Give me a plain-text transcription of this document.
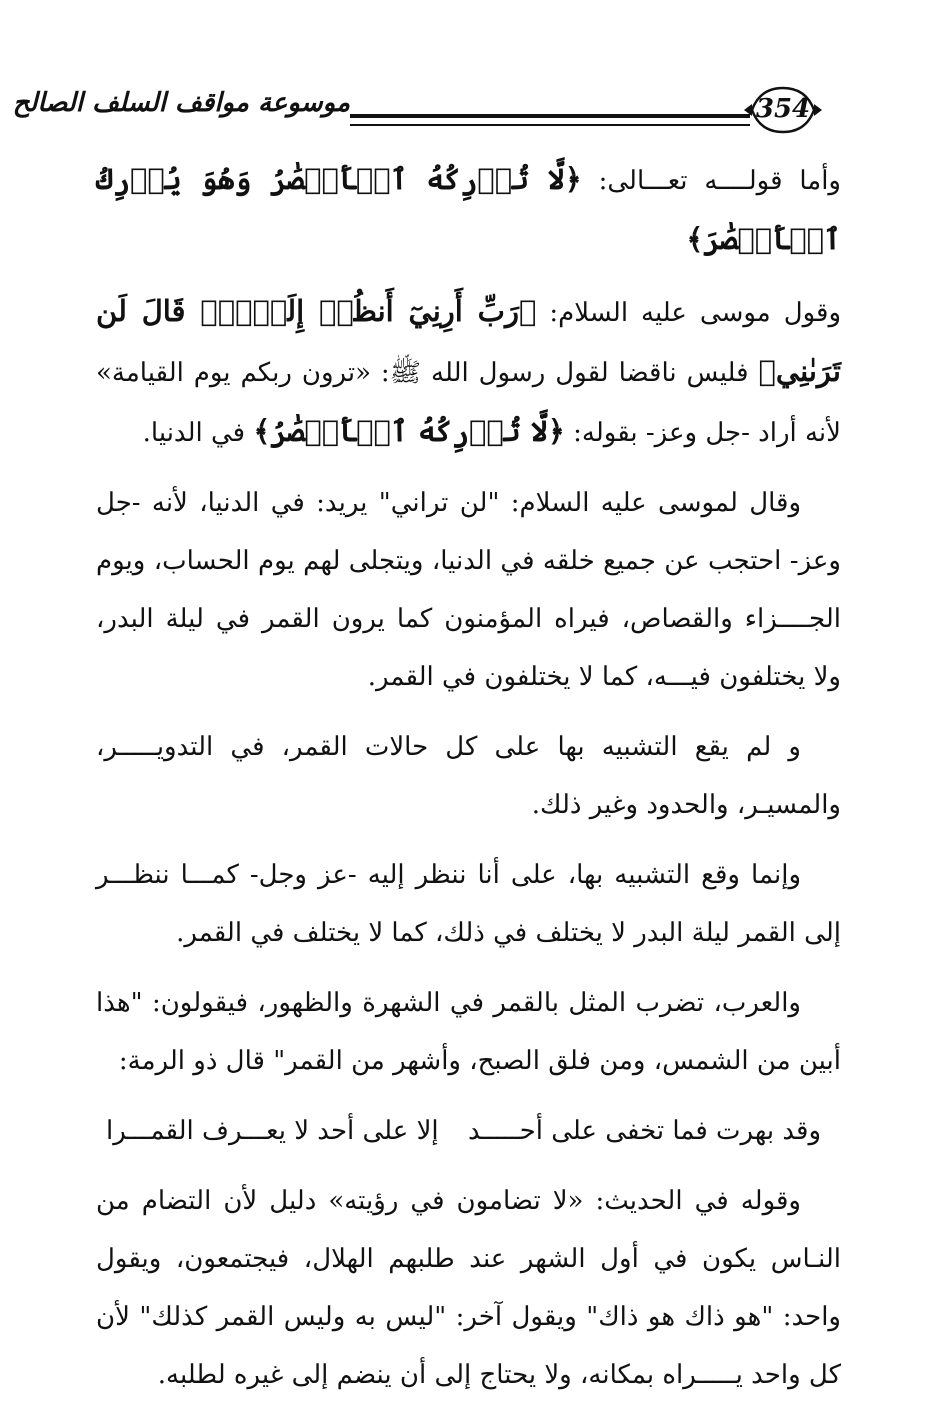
موسوعة مواقف السلف الصالح	354

وأما قولــــه تعـــالى: ﴿لَّا تُدۡرِكُهُ ٱلۡأَبۡصَٰرُ وَهُوَ يُدۡرِكُ ٱلۡأَبۡصَٰرَ﴾

وقول موسى عليه السلام: ﴿رَبِّ أَرِنِيٓ أَنظُرۡ إِلَيۡكَۚ قَالَ لَن تَرَىٰنِي﴾ فليس ناقضا لقول رسول الله ﷺ: «ترون ربكم يوم القيامة» لأنه أراد -جل وعز- بقوله: ﴿لَّا تُدۡرِكُهُ ٱلۡأَبۡصَٰرُ﴾ في الدنيا.

وقال لموسى عليه السلام: "لن تراني" يريد: في الدنيا، لأنه -جل وعز- احتجب عن جميع خلقه في الدنيا، ويتجلى لهم يوم الحساب، ويوم الجــــزاء والقصاص، فيراه المؤمنون كما يرون القمر في ليلة البدر، ولا يختلفون فيـــه، كما لا يختلفون في القمر.

و لم يقع التشبيه بها على كل حالات القمر، في التدويـــــر، والمسيـر، والحدود وغير ذلك.

وإنما وقع التشبيه بها، على أنا ننظر إليه -عز وجل- كمـــا ننظـــر إلى القمر ليلة البدر لا يختلف في ذلك، كما لا يختلف في القمر.

والعرب، تضرب المثل بالقمر في الشهرة والظهور، فيقولون: "هذا أبين من الشمس، ومن فلق الصبح، وأشهر من القمر" قال ذو الرمة:

وقد بهرت فما تخفى على أحـــــد
إلا على أحد لا يعـــرف القمـــرا

وقوله في الحديث: «لا تضامون في رؤيته» دليل لأن التضام من النـاس يكون في أول الشهر عند طلبهم الهلال، فيجتمعون، ويقول واحد: "هو ذاك هو ذاك" ويقول آخر: "ليس به وليس القمر كذلك" لأن كل واحد يـــــراه بمكانه، ولا يحتاج إلى أن ينضم إلى غيره لطلبه.
